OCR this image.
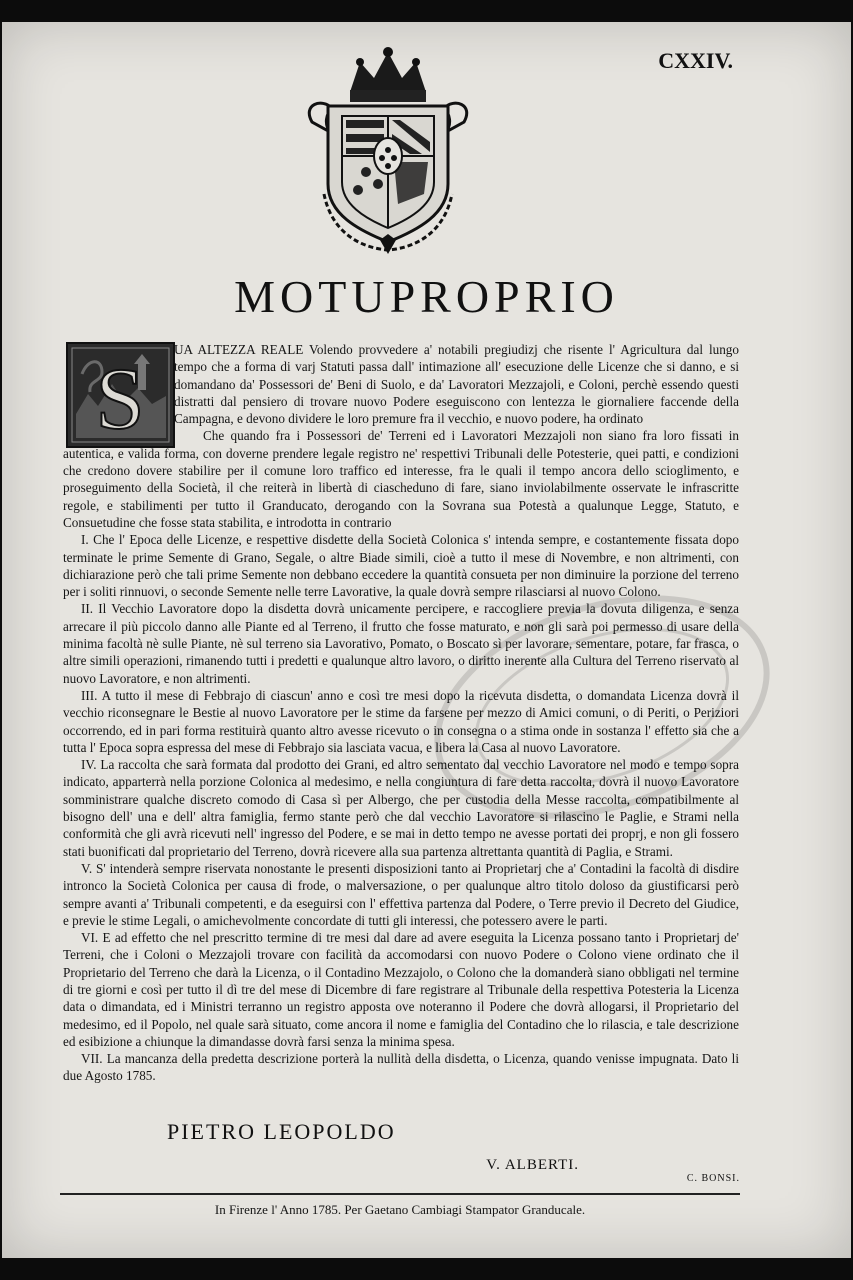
CXXIV.
MOTUPROPRIO
S

UA ALTEZZA REALE Volendo provvedere a' notabili pregiudizj che risente l' Agricultura dal lungo tempo che a forma di varj Statuti passa dall' intimazione all' esecuzione delle Licenze che si danno, e si domandano da' Possessori de' Beni di Suolo, e da' Lavoratori Mezzajoli, e Coloni, perchè essendo questi distratti dal pensiero di trovare nuovo Podere eseguiscono con lentezza le giornaliere faccende della Campagna, e devono dividere le loro premure fra il vecchio, e nuovo podere, ha ordinato

Che quando fra i Possessori de' Terreni ed i Lavoratori Mezzajoli non siano fra loro fissati in autentica, e valida forma, con doverne prendere legale registro ne' respettivi Tribunali delle Potesterie, quei patti, e condizioni che credono dovere stabilire per il comune loro traffico ed interesse, fra le quali il tempo ancora dello scioglimento, e proseguimento della Società, il che reiterà in libertà di ciascheduno di fare, siano inviolabilmente osservate le infrascritte regole, e stabilimenti per tutto il Granducato, derogando con la Sovrana sua Potestà a qualunque Legge, Statuto, e Consuetudine che fosse stata stabilita, e introdotta in contrario

I. Che l' Epoca delle Licenze, e respettive disdette della Società Colonica s' intenda sempre, e costantemente fissata dopo terminate le prime Semente di Grano, Segale, o altre Biade simili, cioè a tutto il mese di Novembre, e non altrimenti, con dichiarazione però che tali prime Semente non debbano eccedere la quantità consueta per non diminuire la porzione del terreno per i soliti rinnuovi, o seconde Semente nelle terre Lavorative, la quale dovrà sempre rilasciarsi al nuovo Colono.

II. Il Vecchio Lavoratore dopo la disdetta dovrà unicamente percipere, e raccogliere previa la dovuta diligenza, e senza arrecare il più piccolo danno alle Piante ed al Terreno, il frutto che fosse maturato, e non gli sarà poi permesso di usare della minima facoltà nè sulle Piante, nè sul terreno sia Lavorativo, Pomato, o Boscato sì per lavorare, sementare, potare, far frasca, o altre simili operazioni, rimanendo tutti i predetti e qualunque altro lavoro, o diritto inerente alla Cultura del Terreno riservato al nuovo Lavoratore, e non altrimenti.

III. A tutto il mese di Febbrajo di ciascun' anno e così tre mesi dopo la ricevuta disdetta, o domandata Licenza dovrà il vecchio riconsegnare le Bestie al nuovo Lavoratore per le stime da farsene per mezzo di Amici comuni, o di Periti, o Periziori occorrendo, ed in pari forma restituirà quanto altro avesse ricevuto o in consegna o a stima onde in sostanza l' effetto sia che a tutta l' Epoca sopra espressa del mese di Febbrajo sia lasciata vacua, e libera la Casa al nuovo Lavoratore.

IV. La raccolta che sarà formata dal prodotto dei Grani, ed altro sementato dal vecchio Lavoratore nel modo e tempo sopra indicato, apparterrà nella porzione Colonica al medesimo, e nella congiuntura di fare detta raccolta, dovrà il nuovo Lavoratore somministrare qualche discreto comodo di Casa sì per Albergo, che per custodia della Messe raccolta, compatibilmente al bisogno dell' una e dell' altra famiglia, fermo stante però che dal vecchio Lavoratore si rilascino le Paglie, e Strami nella conformità che gli avrà ricevuti nell' ingresso del Podere, e se mai in detto tempo ne avesse portati dei proprj, e non gli fossero stati buonificati dal proprietario del Terreno, dovrà ricevere alla sua partenza altrettanta quantità di Paglia, e Strami.

V. S' intenderà sempre riservata nonostante le presenti disposizioni tanto ai Proprietarj che a' Contadini la facoltà di disdire intronco la Società Colonica per causa di frode, o malversazione, o per qualunque altro titolo doloso da giustificarsi però sempre avanti a' Tribunali competenti, e da eseguirsi con l' effettiva partenza dal Podere, o Terre previo il Decreto del Giudice, e previe le stime Legali, o amichevolmente concordate di tutti gli interessi, che potessero avere le parti.

VI. E ad effetto che nel prescritto termine di tre mesi dal dare ad avere eseguita la Licenza possano tanto i Proprietarj de' Terreni, che i Coloni o Mezzajoli trovare con facilità da accomodarsi con nuovo Podere o Colono viene ordinato che il Proprietario del Terreno che darà la Licenza, o il Contadino Mezzajolo, o Colono che la domanderà siano obbligati nel termine di tre giorni e così per tutto il dì tre del mese di Dicembre di fare registrare al Tribunale della respettiva Potesteria la Licenza data o dimandata, ed i Ministri terranno un registro apposta ove noteranno il Podere che dovrà allogarsi, il Proprietario del medesimo, ed il Popolo, nel quale sarà situato, come ancora il nome e famiglia del Contadino che lo rilascia, e tale descrizione ed esibizione a chiunque la dimandasse dovrà farsi senza la minima spesa.

VII. La mancanza della predetta descrizione porterà la nullità della disdetta, o Licenza, quando venisse impugnata. Dato li due Agosto 1785.

PIETRO LEOPOLDO
V. ALBERTI.
C. BONSI.
In Firenze l' Anno 1785. Per Gaetano Cambiagi Stampator Granducale.
